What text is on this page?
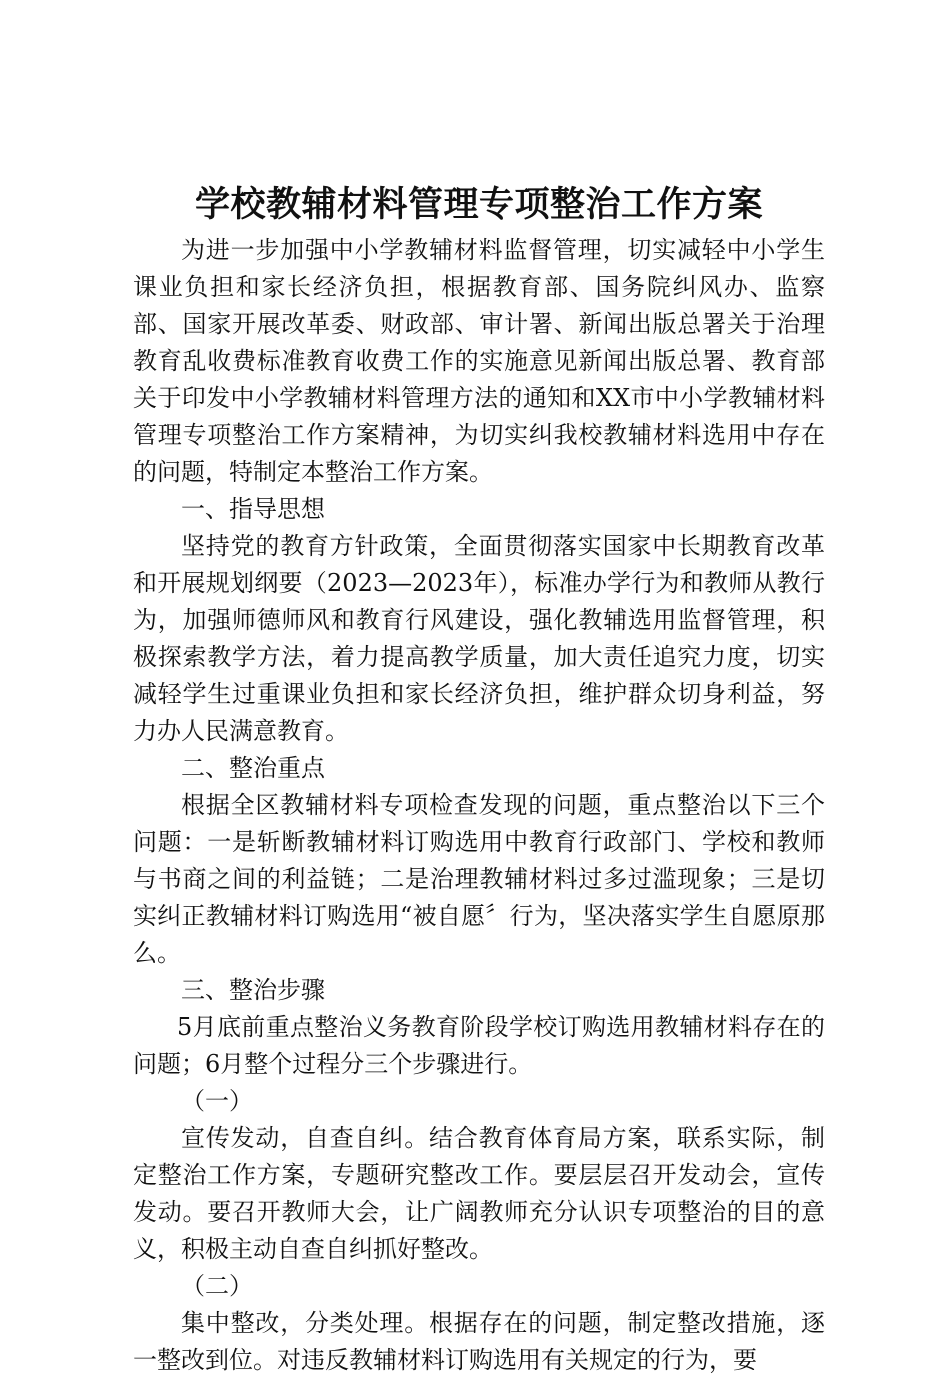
学校教辅材料管理专项整治工作方案

为进一步加强中小学教辅材料监督管理，切实减轻中小学生课业负担和家长经济负担，根据教育部、国务院纠风办、监察部、国家开展改革委、财政部、审计署、新闻出版总署关于治理教育乱收费标准教育收费工作的实施意见新闻出版总署、教育部关于印发中小学教辅材料管理方法的通知和XX市中小学教辅材料管理专项整治工作方案精神，为切实纠我校教辅材料选用中存在的问题，特制定本整治工作方案。

一、指导思想

坚持党的教育方针政策，全面贯彻落实国家中长期教育改革和开展规划纲要（2023—2023年），标准办学行为和教师从教行为，加强师德师风和教育行风建设，强化教辅选用监督管理，积极探索教学方法，着力提高教学质量，加大责任追究力度，切实减轻学生过重课业负担和家长经济负担，维护群众切身利益，努力办人民满意教育。

二、整治重点

根据全区教辅材料专项检查发现的问题，重点整治以下三个问题：一是斩断教辅材料订购选用中教育行政部门、学校和教师与书商之间的利益链；二是治理教辅材料过多过滥现象；三是切实纠正教辅材料订购选用“被自愿〞行为，坚决落实学生自愿原那么。

三、整治步骤

5月底前重点整治义务教育阶段学校订购选用教辅材料存在的问题；6月整个过程分三个步骤进行。

（一）

宣传发动，自查自纠。结合教育体育局方案，联系实际，制定整治工作方案，专题研究整改工作。要层层召开发动会，宣传发动。要召开教师大会，让广阔教师充分认识专项整治的目的意义，积极主动自查自纠抓好整改。

（二）

集中整改，分类处理。根据存在的问题，制定整改措施，逐一整改到位。对违反教辅材料订购选用有关规定的行为，要
